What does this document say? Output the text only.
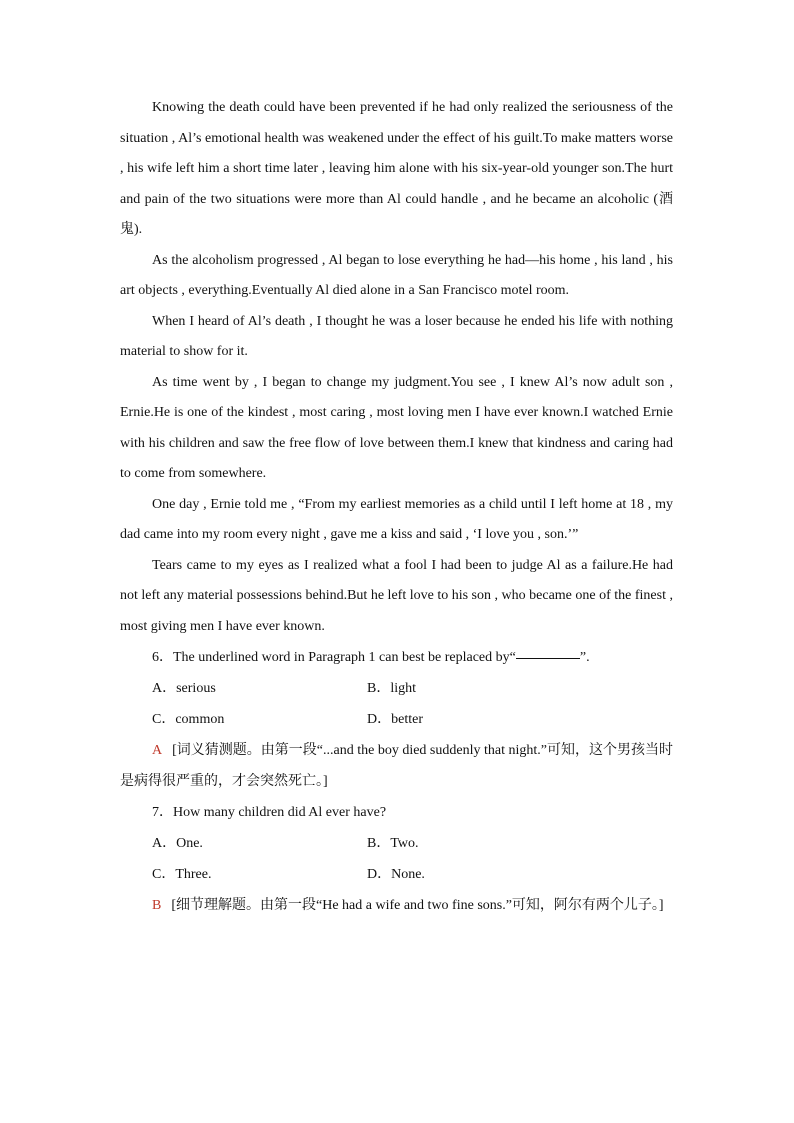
Knowing the death could have been prevented if he had only realized the seriousness of the situation , Al’s emotional health was weakened under the effect of his guilt.To make matters worse , his wife left him a short time later , leaving him alone with his six-year-old younger son.The hurt and pain of the two situations were more than Al could handle , and he became an alcoholic (酒鬼).

As the alcoholism progressed , Al began to lose everything he had—his home , his land , his art objects , everything.Eventually Al died alone in a San Francisco motel room.

When I heard of Al’s death , I thought he was a loser because he ended his life with nothing material to show for it.

As time went by , I began to change my judgment.You see , I knew Al’s now adult son , Ernie.He is one of the kindest , most caring , most loving men I have ever known.I watched Ernie with his children and saw the free flow of love between them.I knew that kindness and caring had to come from somewhere.

One day , Ernie told me , “From my earliest memories as a child until I left home at 18 , my dad came into my room every night , gave me a kiss and said , ‘I love you , son.’”

Tears came to my eyes as I realized what a fool I had been to judge Al as a failure.He had not left any material possessions behind.But he left love to his son , who became one of the finest , most giving men I have ever known.

6．The underlined word in Paragraph 1 can best be replaced by“	”.
A．serious	B．light
C．common	D．better
A [词义猜测题。由第一段“...and the boy died suddenly that night.”可知，这个男孩当时是病得很严重的，才会突然死亡。]
7．How many children did Al ever have?
A．One.	B．Two.
C．Three.	D．None.
B [细节理解题。由第一段“He had a wife and two fine sons.”可知，阿尔有两个儿子。]
